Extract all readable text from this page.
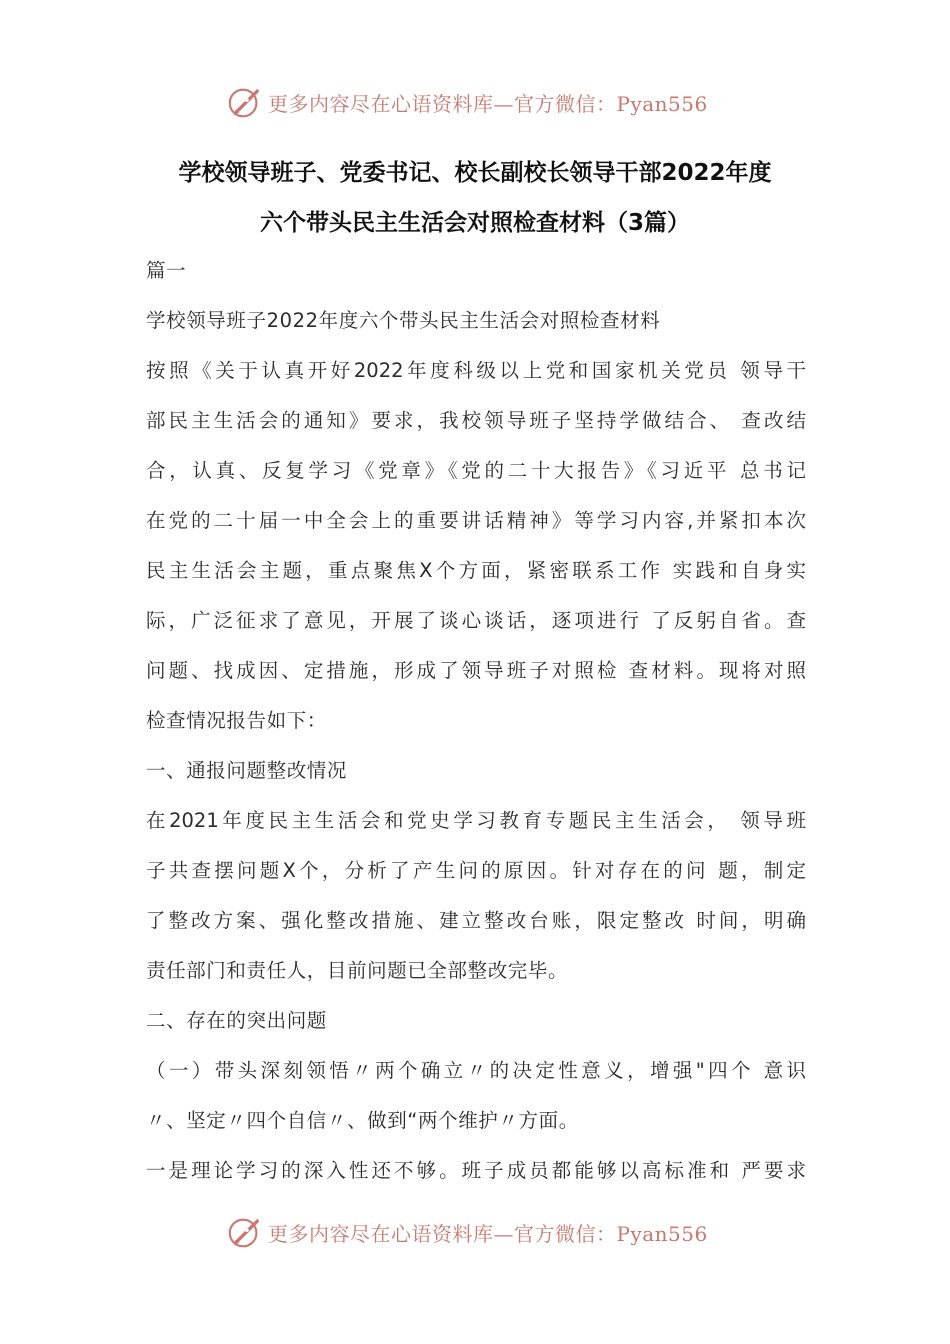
更多内容尽在心语资料库—官方微信：Pyan556
学校领导班子、党委书记、校长副校长领导干部2022年度
六个带头民主生活会对照检查材料（3篇）
篇一
学校领导班子2022年度六个带头民主生活会对照检查材料
按照《关于认真开好2022年度科级以上党和国家机关党员 领导干
部民主生活会的通知》要求，我校领导班子坚持学做结合、 查改结
合，认真、反复学习《党章》《党的二十大报告》《习近平 总书记
在党的二十届一中全会上的重要讲话精神》等学习内容,并紧扣本次
民主生活会主题，重点聚焦X个方面，紧密联系工作 实践和自身实
际，广泛征求了意见，开展了谈心谈话，逐项进行 了反躬自省。查
问题、找成因、定措施，形成了领导班子对照检 查材料。现将对照
检查情况报告如下：
一、通报问题整改情况
在2021年度民主生活会和党史学习教育专题民主生活会， 领导班
子共查摆问题X个，分析了产生问的原因。针对存在的问 题，制定
了整改方案、强化整改措施、建立整改台账，限定整改 时间，明确
责任部门和责任人，目前问题已全部整改完毕。
二、存在的突出问题
（一）带头深刻领悟〃两个确立〃的决定性意义，增强"四个 意识
〃、坚定〃四个自信〃、做到“两个维护〃方面。
一是理论学习的深入性还不够。班子成员都能够以高标准和 严要求
更多内容尽在心语资料库—官方微信：Pyan556
